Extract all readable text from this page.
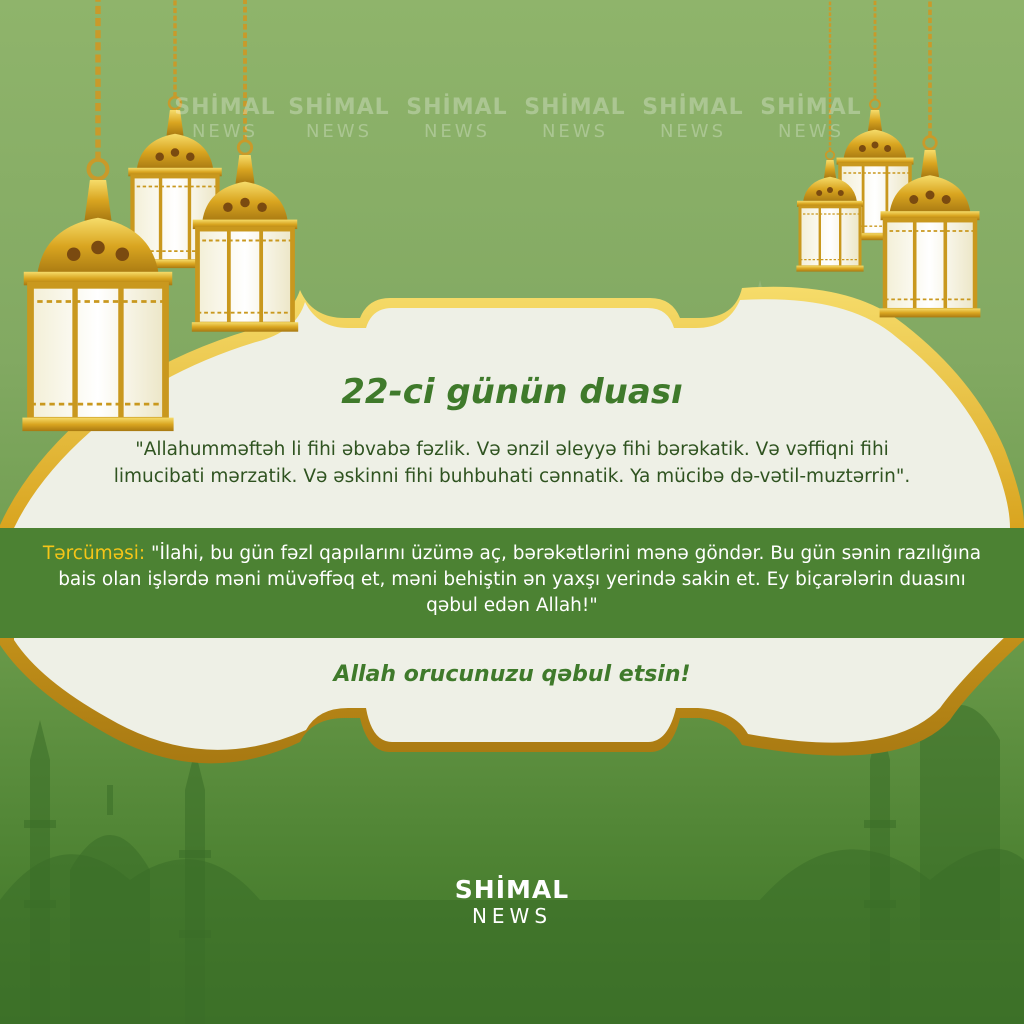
SHİMAL
NEWS
SHİMAL
NEWS
SHİMAL
NEWS
SHİMAL
NEWS
SHİMAL
NEWS
SHİMAL
NEWS
22-ci günün duası

"Allahumməftəh li fihi əbvabə fəzlik. Və ənzil əleyyə fihi bərəkatik. Və vəffiqni fihi limucibati mərzatik. Və əskinni fihi buhbuhati cənnatik. Ya mücibə də-vətil-muztərrin".

Tərcüməsi: "İlahi, bu gün fəzl qapılarını üzümə aç, bərəkətlərini mənə göndər. Bu gün sənin razılığına bais olan işlərdə məni müvəffəq et, məni behiştin ən yaxşı yerində sakin et. Ey biçarələrin duasını qəbul edən Allah!"

Allah orucunuzu qəbul etsin!

SHİMAL
NEWS
